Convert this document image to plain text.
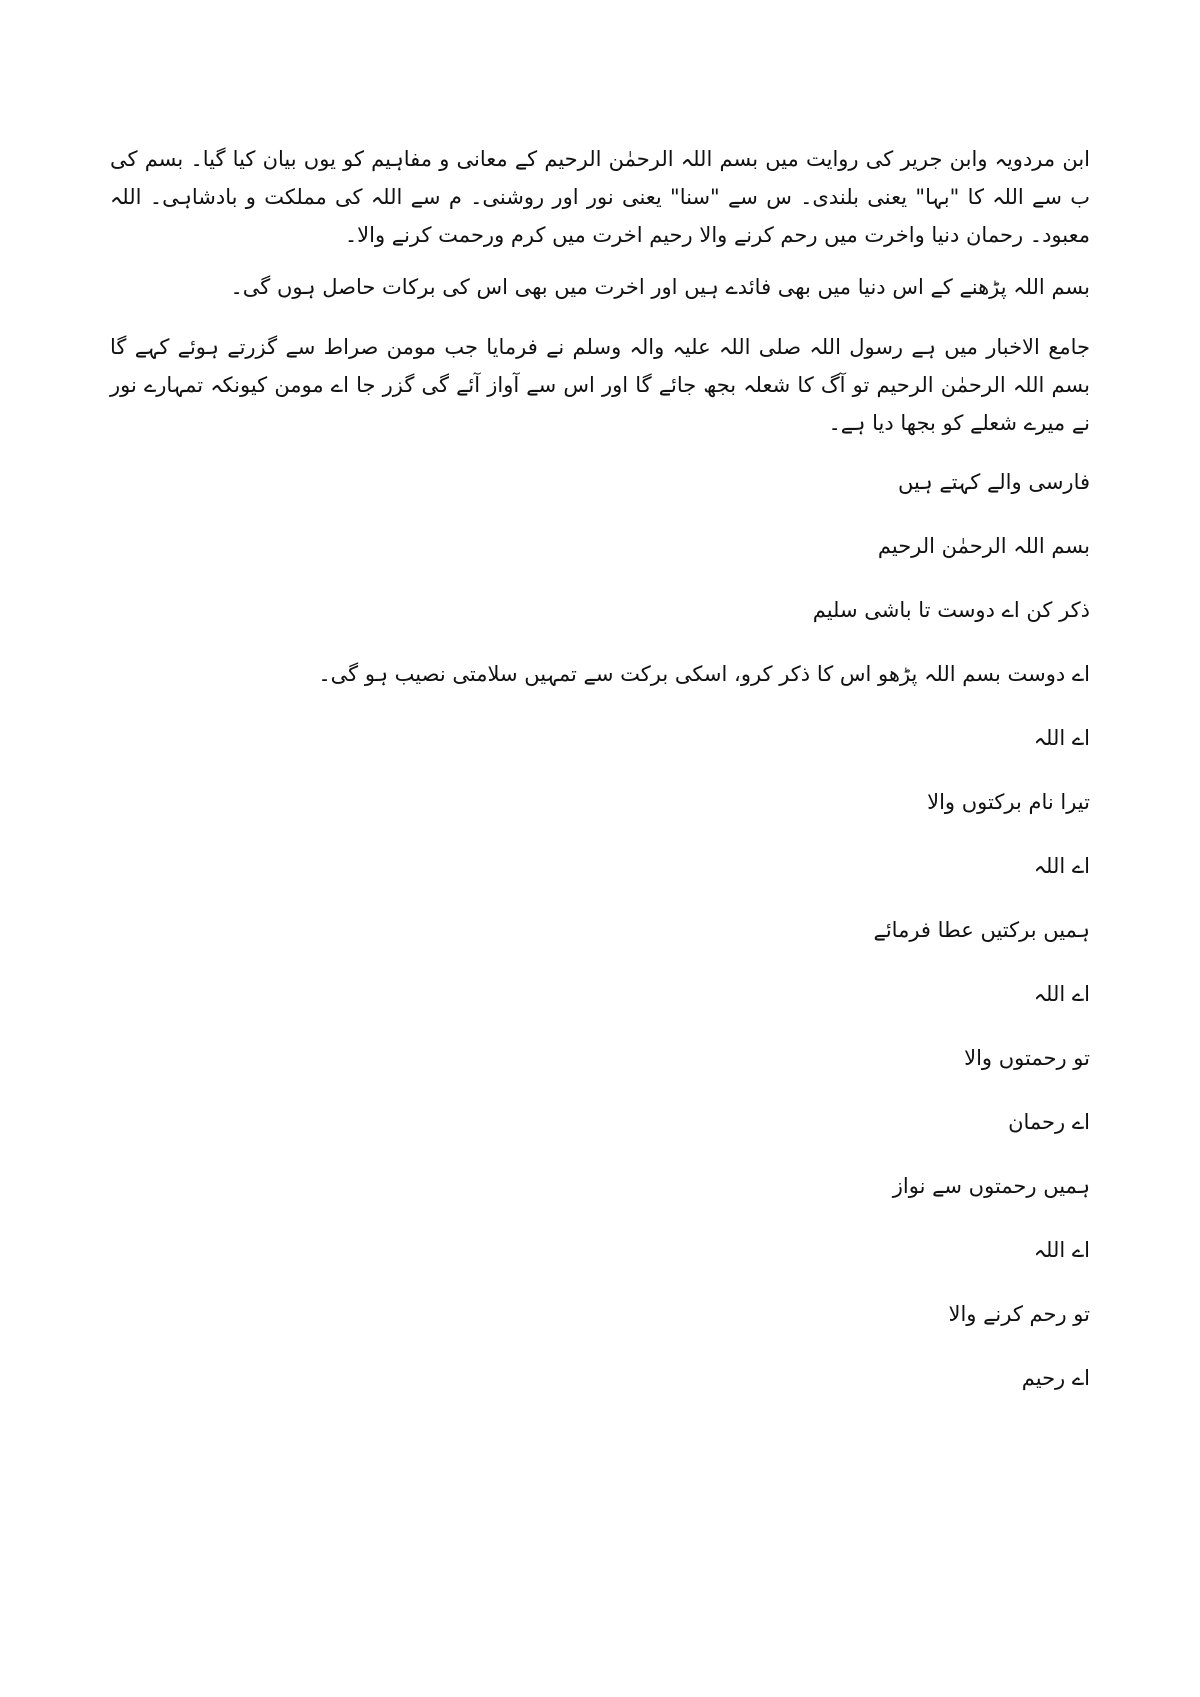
ابن مردویہ وابن جریر کی روایت میں بسم اللہ الرحمٰن الرحیم کے معانی و مفاہیم کو یوں بیان کیا گیا۔ بسم کی ب سے اللہ کا "بہا" یعنی بلندی۔ س سے "سنا" یعنی نور اور روشنی۔ م سے اللہ کی مملکت و بادشاہی۔ اللہ معبود۔ رحمان دنیا واخرت میں رحم کرنے والا رحیم اخرت میں کرم ورحمت کرنے والا۔

بسم اللہ پڑھنے کے اس دنیا میں بھی فائدے ہیں اور اخرت میں بھی اس کی برکات حاصل ہوں گی۔

جامع الاخبار میں ہے رسول اللہ صلی اللہ علیہ والہ وسلم نے فرمایا جب مومن صراط سے گزرتے ہوئے کہے گا بسم اللہ الرحمٰن الرحیم تو آگ کا شعلہ بجھ جائے گا اور اس سے آواز آئے گی گزر جا اے مومن کیونکہ تمہارے نور نے میرے شعلے کو بجھا دیا ہے۔

فارسی والے کہتے ہیں
بسم اللہ الرحمٰن الرحیم
ذکر کن اے دوست تا باشی سلیم
اے دوست بسم اللہ پڑھو اس کا ذکر کرو، اسکی برکت سے تمہیں سلامتی نصیب ہو گی۔
اے اللہ
تیرا نام برکتوں والا
اے اللہ
ہمیں برکتیں عطا فرمائے
اے اللہ
تو رحمتوں والا
اے رحمان
ہمیں رحمتوں سے نواز
اے اللہ
تو رحم کرنے والا
اے رحیم
